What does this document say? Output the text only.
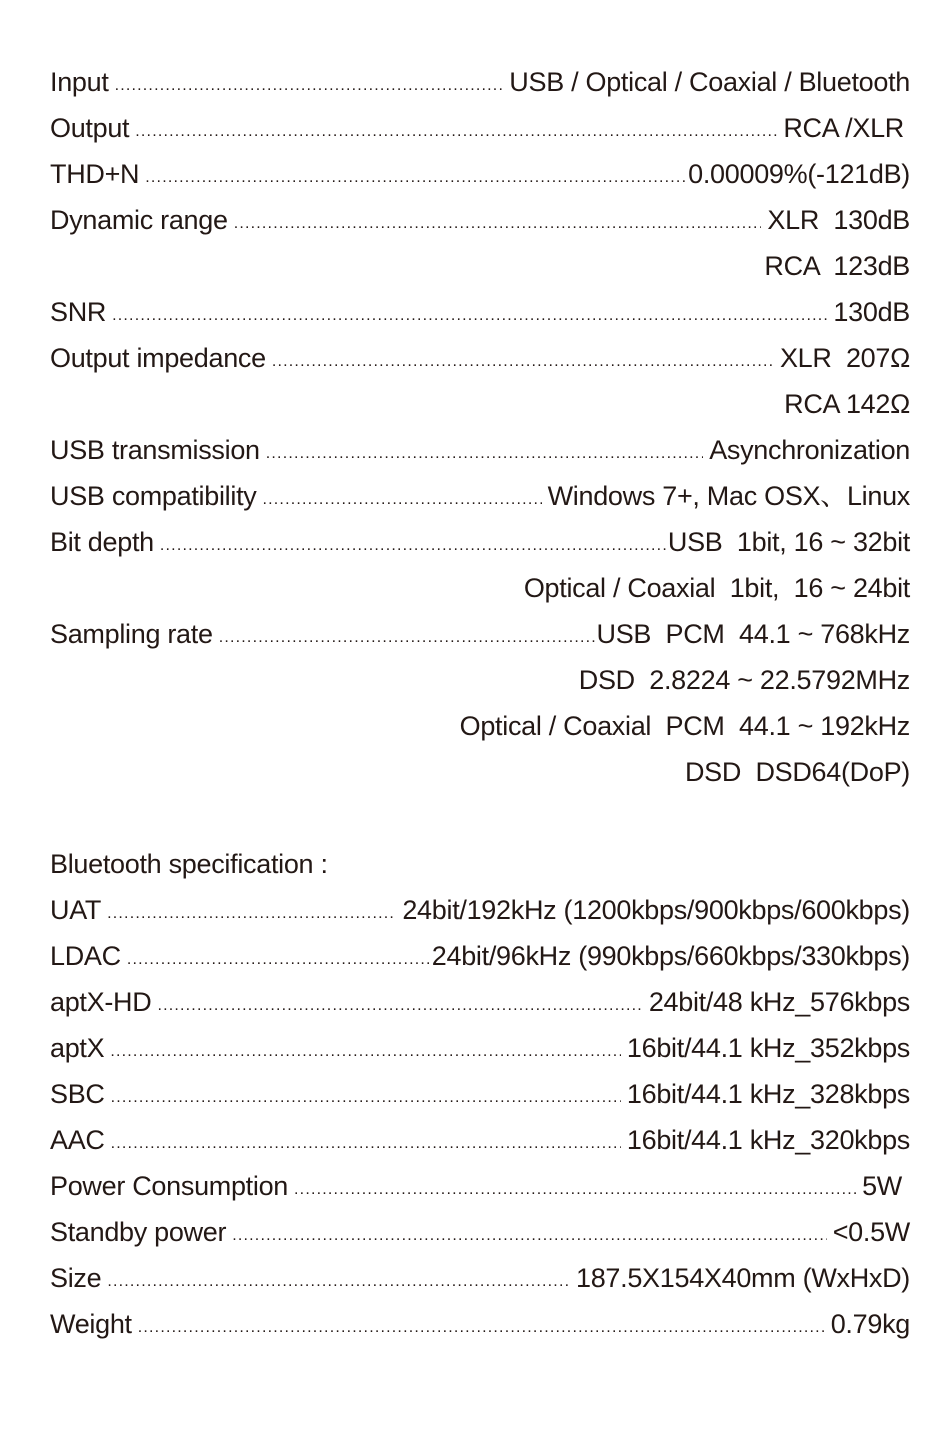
Input .....	USB / Optical / Coaxial / Bluetooth
Output .....	RCA /XLR
THD+N .....	0.00009%(-121dB)
Dynamic range .....	XLR  130dB
RCA  123dB
SNR .....	130dB
Output impedance .....	XLR  207Ω
RCA 142Ω
USB transmission .....	Asynchronization
USB compatibility .....	Windows 7+, Mac OSX、Linux
Bit depth .....	USB  1bit, 16 ~ 32bit
Optical / Coaxial  1bit,  16 ~ 24bit
Sampling rate .....	USB  PCM  44.1 ~ 768kHz
DSD  2.8224 ~ 22.5792MHz
Optical / Coaxial  PCM  44.1 ~ 192kHz
DSD  DSD64(DoP)
Bluetooth specification :
UAT .....	24bit/192kHz (1200kbps/900kbps/600kbps)
LDAC .....	24bit/96kHz (990kbps/660kbps/330kbps)
aptX-HD .....	24bit/48 kHz_576kbps
aptX .....	16bit/44.1 kHz_352kbps
SBC .....	16bit/44.1 kHz_328kbps
AAC .....	16bit/44.1 kHz_320kbps
Power Consumption .....	5W
Standby power .....	<0.5W
Size .....	187.5X154X40mm (WxHxD)
Weight .....	0.79kg
